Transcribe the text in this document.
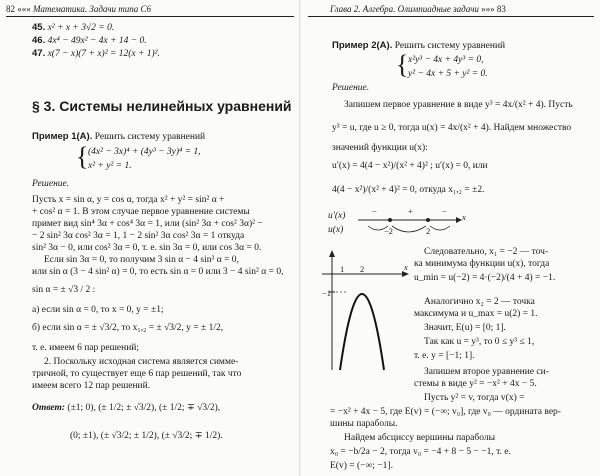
82 ««« Математика. Задачи типа С6
45. x² + x + 3√2 = 0.
46. 4x⁴ − 49x² − 4x + 14 − 0.
47. x(7 − x)(7 + x)² = 12(x + 1)².
§ 3. Системы нелинейных уравнений
Пример 1(А). Решить систему уравнений
{ (4x² − 3x)⁴ + (4y³ − 3y)⁴ = 1,
x² + y² = 1.
Решение.
Пусть x = sin α, y = cos α, тогда x² + y² = sin² α +
+ cos² α = 1. В этом случае первое уравнение системы
примет вид sin⁴ 3α + cos⁴ 3α = 1, или (sin² 3α + cos² 3α)² −
− 2 sin² 3α cos² 3α = 1, 1 − 2 sin² 3α cos² 3α = 1 откуда
sin² 3α − 0, или cos² 3α = 0, т. е. sin 3α = 0, или cos 3α = 0.
Если sin 3α = 0, то получим 3 sin α − 4 sin³ α = 0,
или sin α (3 − 4 sin² α) = 0, то есть sin α = 0 или 3 − 4 sin² α = 0,
sin α = ± √3 / 2 :
а) если sin α = 0, то x = 0, y = ±1;
б) если sin α = ± √3/2, то x₁,₂ = ± √3/2, y = ± 1/2,
т. е. имеем 6 пар решений;
2. Поскольку исходная система является симме-
тричной, то существует еще 6 пар решений, так что
имеем всего 12 пар решений.
Ответ: (±1; 0), (± 1/2; ± √3/2), (± 1/2; ∓ √3/2),
(0; ±1), (± √3/2; ± 1/2), (± √3/2; ∓ 1/2).
Глава 2. Алгебра. Олимпиадные задачи »»» 83
Пример 2(А). Решить систему уравнений
{ x²y³ − 4x + 4y³ = 0,
y² − 4x + 5 + y² = 0.
Решение.
Запишем первое уравнение в виде y³ = 4x/(x² + 4). Пусть
y³ = u, где u ≥ 0, тогда u(x) = 4x/(x² + 4). Найдем множество
значений функции u(x):
u′(x) = 4(4 − x²)/(x² + 4)² ; u′(x) = 0, или
4(4 − x²)/(x² + 4)² = 0, откуда x₁,₂ = ±2.
u′(x)
u(x)
−	+	−
−2	2
x
−1
1 2	x
Следовательно, x₁ = −2 — точ-
ка минимума функции u(x), тогда
u_min = u(−2) = 4·(−2)/(4 + 4) = −1.
Аналогично x₂ = 2 — точка
максимума и u_max = u(2) = 1.
Значит, E(u) = [0; 1].
Так как u = y³, то 0 ≤ y³ ≤ 1,
т. е. y = [−1; 1].
Запишем второе уравнение си-
стемы в виде y² = −x² + 4x − 5.
Пусть y² = v, тогда v(x) =
= −x² + 4x − 5, где E(v) = (−∞; v₀], где v₀ — ордината вер-
шины параболы.
Найдем абсциссу вершины параболы
x₀ = −b/2a − 2, тогда v₀ = −4 + 8 − 5 − −1, т. е.
E(v) = (−∞; −1].
